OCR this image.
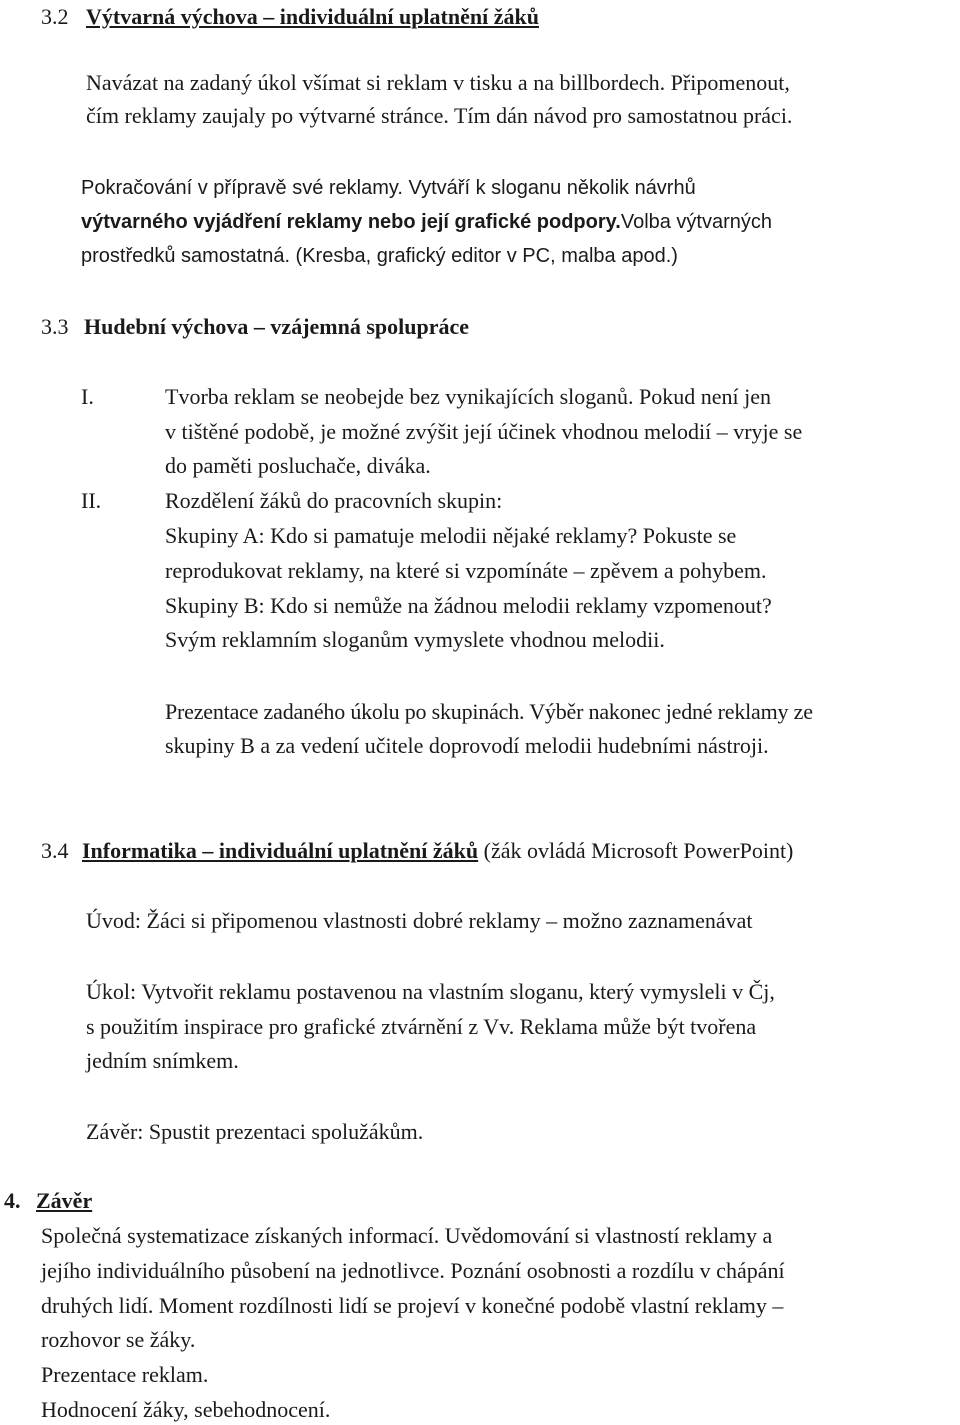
3.2 Výtvarná výchova – individuální uplatnění žáků
Navázat na zadaný úkol všímat si reklam v tisku a na billbordech. Připomenout,
čím reklamy zaujaly po výtvarné stránce. Tím dán návod pro samostatnou práci.
Pokračování v přípravě své reklamy. Vytváří k sloganu několik návrhů
výtvarného vyjádření reklamy nebo její grafické podpory.Volba výtvarných
prostředků samostatná. (Kresba, grafický editor v PC, malba apod.)
3.3 Hudební výchova – vzájemná spolupráce
I.	Tvorba reklam se neobejde bez vynikajících sloganů. Pokud není jen
v tištěné podobě, je možné zvýšit její účinek vhodnou melodií – vryje se
do paměti posluchače, diváka.
II.	Rozdělení žáků do pracovních skupin:
Skupiny A: Kdo si pamatuje melodii nějaké reklamy? Pokuste se
reprodukovat reklamy, na které si vzpomínáte – zpěvem a pohybem.
Skupiny B: Kdo si nemůže na žádnou melodii reklamy vzpomenout?
Svým reklamním sloganům vymyslete vhodnou melodii.
Prezentace zadaného úkolu po skupinách. Výběr nakonec jedné reklamy ze
skupiny B a za vedení učitele doprovodí melodii hudebními nástroji.
3.4 Informatika – individuální uplatnění žáků (žák ovládá Microsoft PowerPoint)
Úvod: Žáci si připomenou vlastnosti dobré reklamy – možno zaznamenávat
Úkol: Vytvořit reklamu postavenou na vlastním sloganu, který vymysleli v Čj,
s použitím inspirace pro grafické ztvárnění z Vv. Reklama může být tvořena
jedním snímkem.
Závěr: Spustit prezentaci spolužákům.
4. Závěr
Společná systematizace získaných informací. Uvědomování si vlastností reklamy a
jejího individuálního působení na jednotlivce. Poznání osobnosti a rozdílu v chápání
druhých lidí. Moment rozdílnosti lidí se projeví v konečné podobě vlastní reklamy –
rozhovor se žáky.
Prezentace reklam.
Hodnocení žáky, sebehodnocení.
